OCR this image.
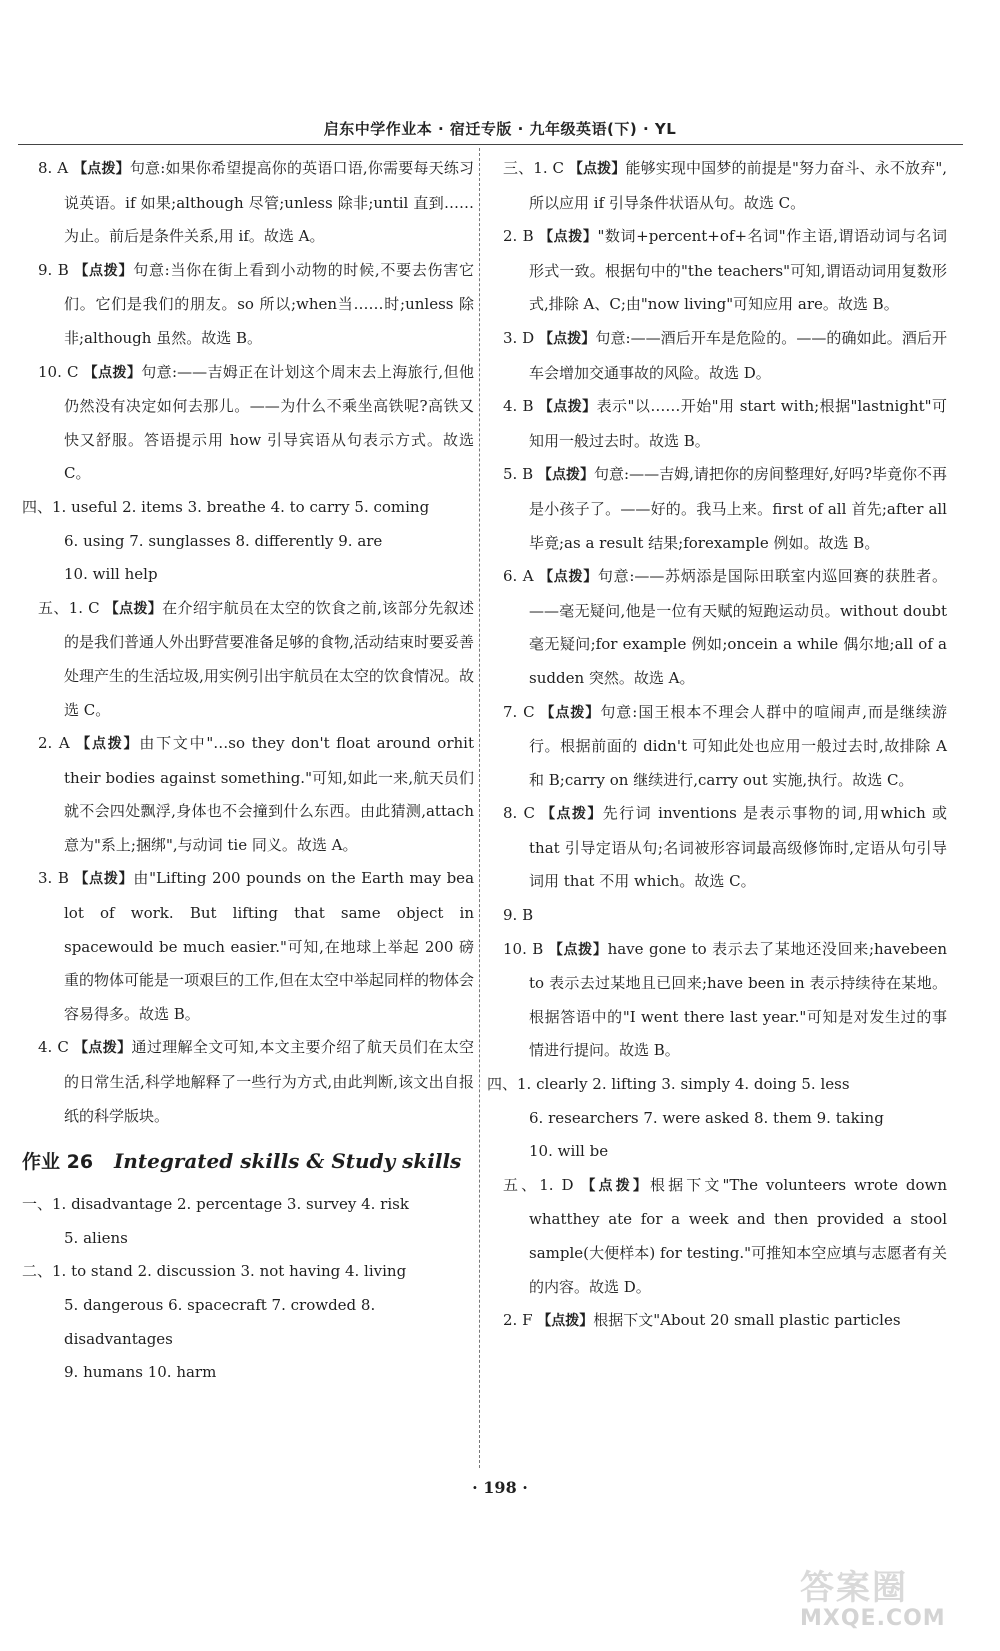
启东中学作业本 · 宿迁专版 · 九年级英语(下) · YL
8. A 【点拨】句意:如果你希望提高你的英语口语,你需要每天练习说英语。if 如果;although 尽管;unless 除非;until 直到……为止。前后是条件关系,用 if。故选 A。
9. B 【点拨】句意:当你在街上看到小动物的时候,不要去伤害它们。它们是我们的朋友。so 所以;when当……时;unless 除非;although 虽然。故选 B。
10. C 【点拨】句意:——吉姆正在计划这个周末去上海旅行,但他仍然没有决定如何去那儿。——为什么不乘坐高铁呢?高铁又快又舒服。答语提示用 how 引导宾语从句表示方式。故选 C。
四、1. useful 2. items 3. breathe 4. to carry 5. coming
6. using 7. sunglasses 8. differently 9. are
10. will help
五、1. C 【点拨】在介绍宇航员在太空的饮食之前,该部分先叙述的是我们普通人外出野营要准备足够的食物,活动结束时要妥善处理产生的生活垃圾,用实例引出宇航员在太空的饮食情况。故选 C。
2. A 【点拨】由下文中"…so they don't float around orhit their bodies against something."可知,如此一来,航天员们就不会四处飘浮,身体也不会撞到什么东西。由此猜测,attach 意为"系上;捆绑",与动词 tie 同义。故选 A。
3. B 【点拨】由"Lifting 200 pounds on the Earth may bea lot of work. But lifting that same object in spacewould be much easier."可知,在地球上举起 200 磅重的物体可能是一项艰巨的工作,但在太空中举起同样的物体会容易得多。故选 B。
4. C 【点拨】通过理解全文可知,本文主要介绍了航天员们在太空的日常生活,科学地解释了一些行为方式,由此判断,该文出自报纸的科学版块。
作业 26 Integrated skills & Study skills
一、1. disadvantage 2. percentage 3. survey 4. risk
5. aliens
二、1. to stand 2. discussion 3. not having 4. living
5. dangerous 6. spacecraft 7. crowded 8. disadvantages
9. humans 10. harm
三、1. C 【点拨】能够实现中国梦的前提是"努力奋斗、永不放弃",所以应用 if 引导条件状语从句。故选 C。
2. B 【点拨】"数词+percent+of+名词"作主语,谓语动词与名词形式一致。根据句中的"the teachers"可知,谓语动词用复数形式,排除 A、C;由"now living"可知应用 are。故选 B。
3. D 【点拨】句意:——酒后开车是危险的。——的确如此。酒后开车会增加交通事故的风险。故选 D。
4. B 【点拨】表示"以……开始"用 start with;根据"lastnight"可知用一般过去时。故选 B。
5. B 【点拨】句意:——吉姆,请把你的房间整理好,好吗?毕竟你不再是小孩子了。——好的。我马上来。first of all 首先;after all 毕竟;as a result 结果;forexample 例如。故选 B。
6. A 【点拨】句意:——苏炳添是国际田联室内巡回赛的获胜者。——毫无疑问,他是一位有天赋的短跑运动员。without doubt 毫无疑问;for example 例如;oncein a while 偶尔地;all of a sudden 突然。故选 A。
7. C 【点拨】句意:国王根本不理会人群中的喧闹声,而是继续游行。根据前面的 didn't 可知此处也应用一般过去时,故排除 A 和 B;carry on 继续进行,carry out 实施,执行。故选 C。
8. C 【点拨】先行词 inventions 是表示事物的词,用which 或 that 引导定语从句;名词被形容词最高级修饰时,定语从句引导词用 that 不用 which。故选 C。
9. B
10. B 【点拨】have gone to 表示去了某地还没回来;havebeen to 表示去过某地且已回来;have been in 表示持续待在某地。根据答语中的"I went there last year."可知是对发生过的事情进行提问。故选 B。
四、1. clearly 2. lifting 3. simply 4. doing 5. less
6. researchers 7. were asked 8. them 9. taking
10. will be
五、1. D 【点拨】根据下文"The volunteers wrote down whatthey ate for a week and then provided a stool sample(大便样本) for testing."可推知本空应填与志愿者有关的内容。故选 D。
2. F 【点拨】根据下文"About 20 small plastic particles
· 198 ·
答案圈
MXQE.COM
